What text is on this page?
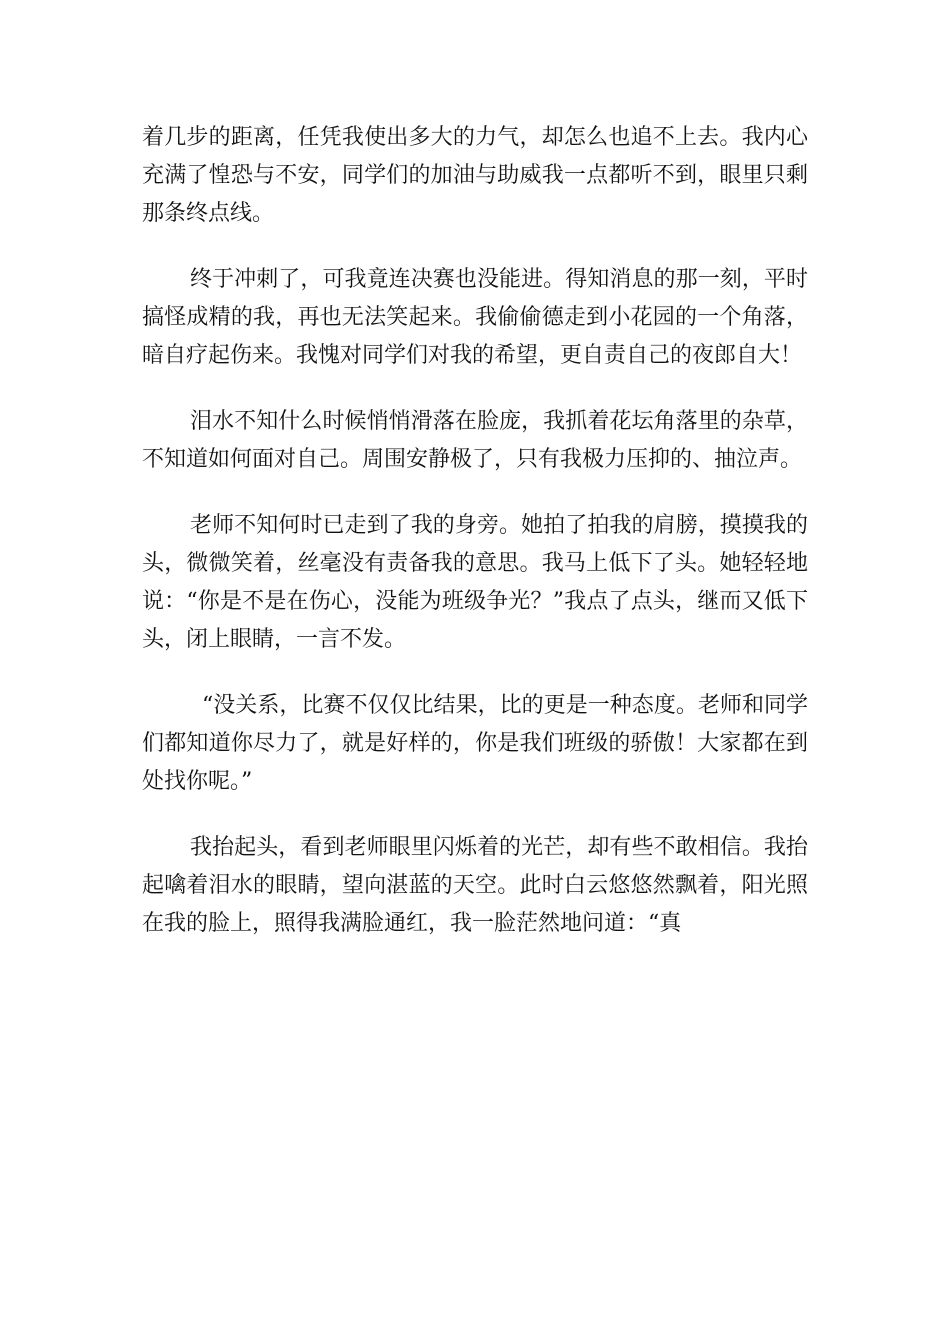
着几步的距离，任凭我使出多大的力气，却怎么也追不上去。我内心充满了惶恐与不安，同学们的加油与助威我一点都听不到，眼里只剩那条终点线。

终于冲刺了，可我竟连决赛也没能进。得知消息的那一刻，平时搞怪成精的我，再也无法笑起来。我偷偷德走到小花园的一个角落，暗自疗起伤来。我愧对同学们对我的希望，更自责自己的夜郎自大！

泪水不知什么时候悄悄滑落在脸庞，我抓着花坛角落里的杂草，不知道如何面对自己。周围安静极了，只有我极力压抑的、抽泣声。

老师不知何时已走到了我的身旁。她拍了拍我的肩膀，摸摸我的头，微微笑着，丝毫没有责备我的意思。我马上低下了头。她轻轻地说：“你是不是在伤心，没能为班级争光？”我点了点头，继而又低下头，闭上眼睛，一言不发。

“没关系，比赛不仅仅比结果，比的更是一种态度。老师和同学们都知道你尽力了，就是好样的，你是我们班级的骄傲！大家都在到处找你呢。”

我抬起头，看到老师眼里闪烁着的光芒，却有些不敢相信。我抬起噙着泪水的眼睛，望向湛蓝的天空。此时白云悠悠然飘着，阳光照在我的脸上，照得我满脸通红，我一脸茫然地问道：“真
